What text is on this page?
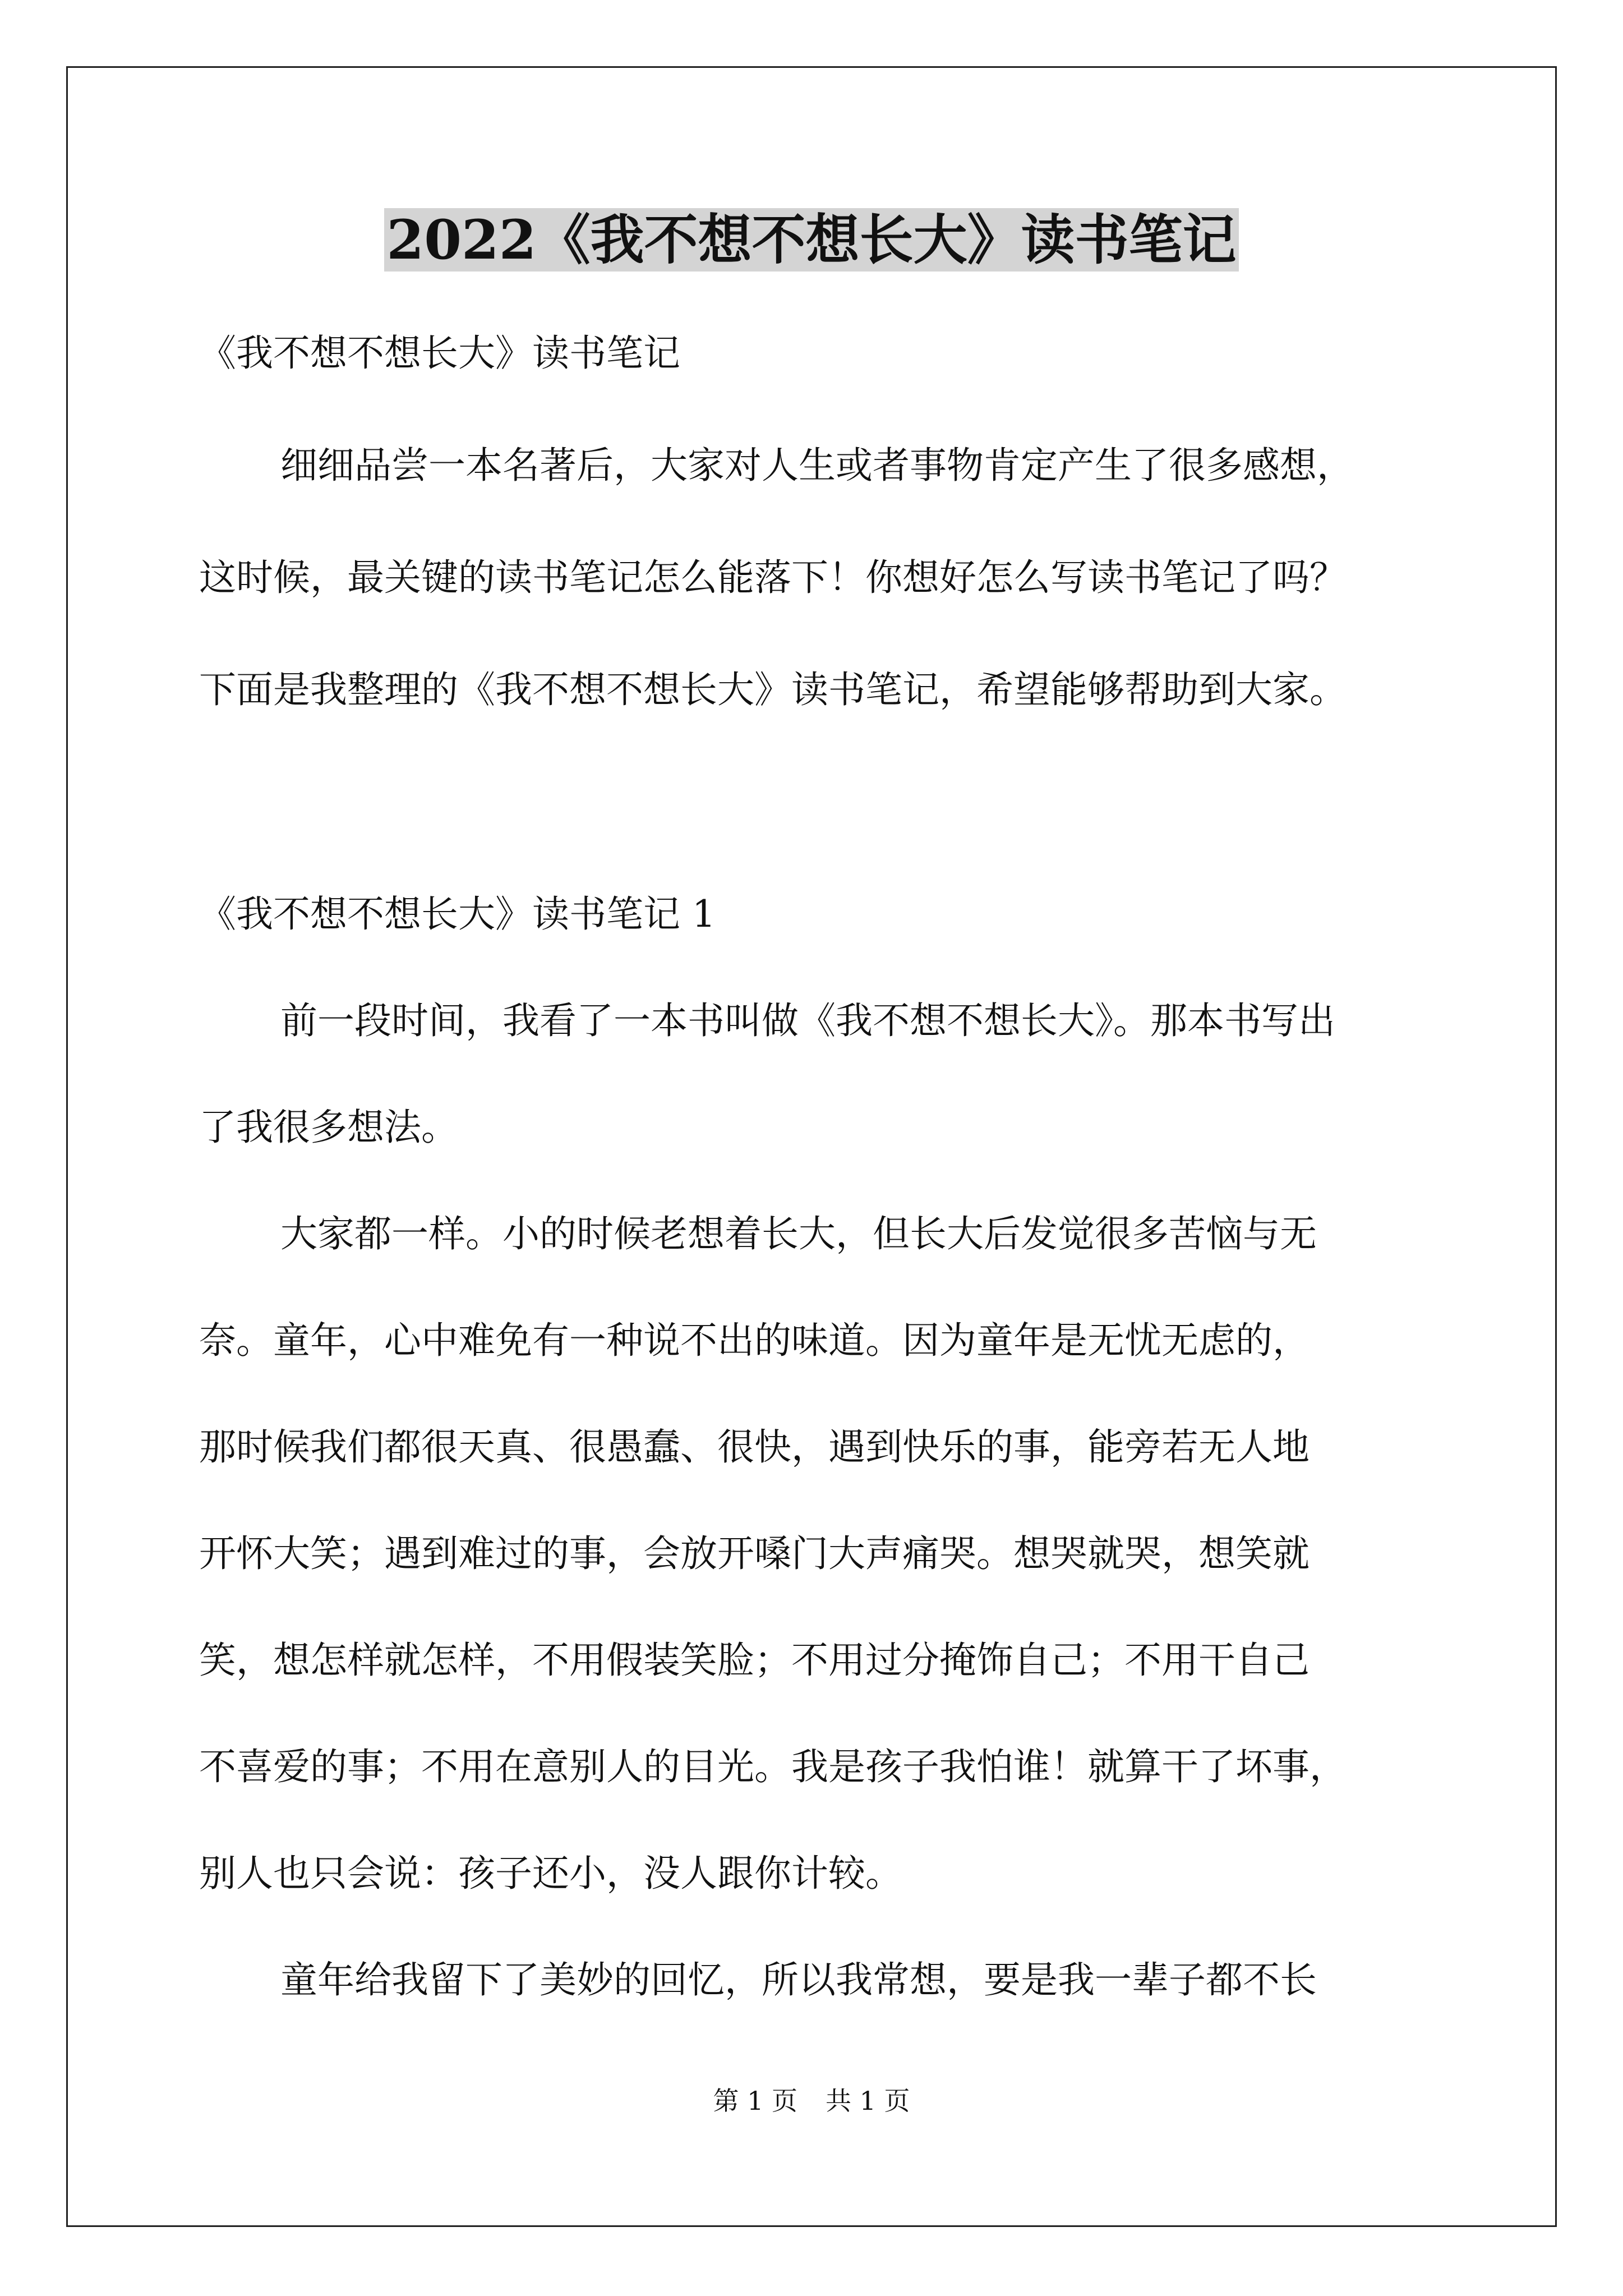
2022《我不想不想长大》读书笔记

《我不想不想长大》读书笔记

细细品尝一本名著后，大家对人生或者事物肯定产生了很多感想，

这时候，最关键的读书笔记怎么能落下！你想好怎么写读书笔记了吗？

下面是我整理的《我不想不想长大》读书笔记，希望能够帮助到大家。

《我不想不想长大》读书笔记 1

前一段时间，我看了一本书叫做《我不想不想长大》。那本书写出

了我很多想法。

大家都一样。小的时候老想着长大，但长大后发觉很多苦恼与无

奈。童年，心中难免有一种说不出的味道。因为童年是无忧无虑的，

那时候我们都很天真、很愚蠢、很快，遇到快乐的事，能旁若无人地

开怀大笑；遇到难过的事，会放开嗓门大声痛哭。想哭就哭，想笑就

笑，想怎样就怎样，不用假装笑脸；不用过分掩饰自己；不用干自己

不喜爱的事；不用在意别人的目光。我是孩子我怕谁！就算干了坏事，

别人也只会说：孩子还小，没人跟你计较。

童年给我留下了美妙的回忆，所以我常想，要是我一辈子都不长

第 1 页 共 1 页
